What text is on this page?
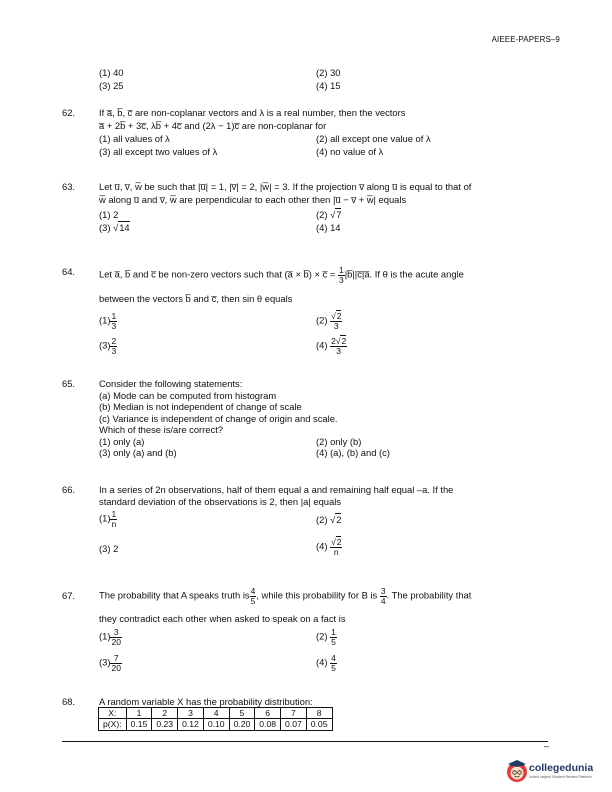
AIEEE-PAPERS–9
(1) 40	(2) 30
(3) 25	(4) 15
62.	If a̅, b̅, c̅ are non-coplanar vectors and λ is a real number, then the vectors
a̅ + 2b̅ + 3c̅, λb̅ + 4c̅ and (2λ − 1)c̅ are non-coplanar for
(1) all values of λ	(2) all except one value of λ
(3) all except two values of λ	(4) no value of λ
63.	Let u̅, v̅, w̅ be such that |u̅| = 1, |v̅| = 2, |w̅| = 3. If the projection v̅ along u̅ is equal to that of
w̅ along u̅ and v̅, w̅ are perpendicular to each other then |u̅ − v̅ + w̅| equals
(1) 2	(2) √7
(3) √14	(4) 14
64.	Let a̅, b̅ and c̅ be non-zero vectors such that (a̅ × b̅) × c̅ = $\frac{1}{3}$ |b̅||c̅|a̅. If θ is the acute angle
between the vectors b̅ and c̅, then sin θ equals
$(1) \frac{1}{3}$	$(2) \frac{√2}{3}$
$(3) \frac{2}{3}$	$(4) \frac{2√2}{3}$
65.	Consider the following statements:
(a) Mode can be computed from histogram
(b) Median is not independent of change of scale
(c) Variance is independent of change of origin and scale.
Which of these is/are correct?
(1) only (a)	(2) only (b)
(3) only (a) and (b)	(4) (a), (b) and (c)
66.	In a series of 2n observations, half of them equal a and remaining half equal –a. If the
standard deviation of the observations is 2, then |a| equals
$(1) \frac{1}{n}$	(2) √2
(3) 2	$(4) \frac{√2}{n}$
67.	The probability that A speaks truth is $\frac{4}{5}$ , while this probability for B is $\frac{3}{4}$ . The probability that
they contradict each other when asked to speak on a fact is
$(1) \frac{3}{20}$	$(2) \frac{1}{5}$
$(3) \frac{7}{20}$	$(4) \frac{4}{5}$
68.	A random variable X has the probability distribution:
X:	1	2	3	4	5	6	7	8
p(X):	0.15	0.23	0.12	0.10	0.20	0.08	0.07	0.05
–
collegedunia
India's largest Student Review Platform
